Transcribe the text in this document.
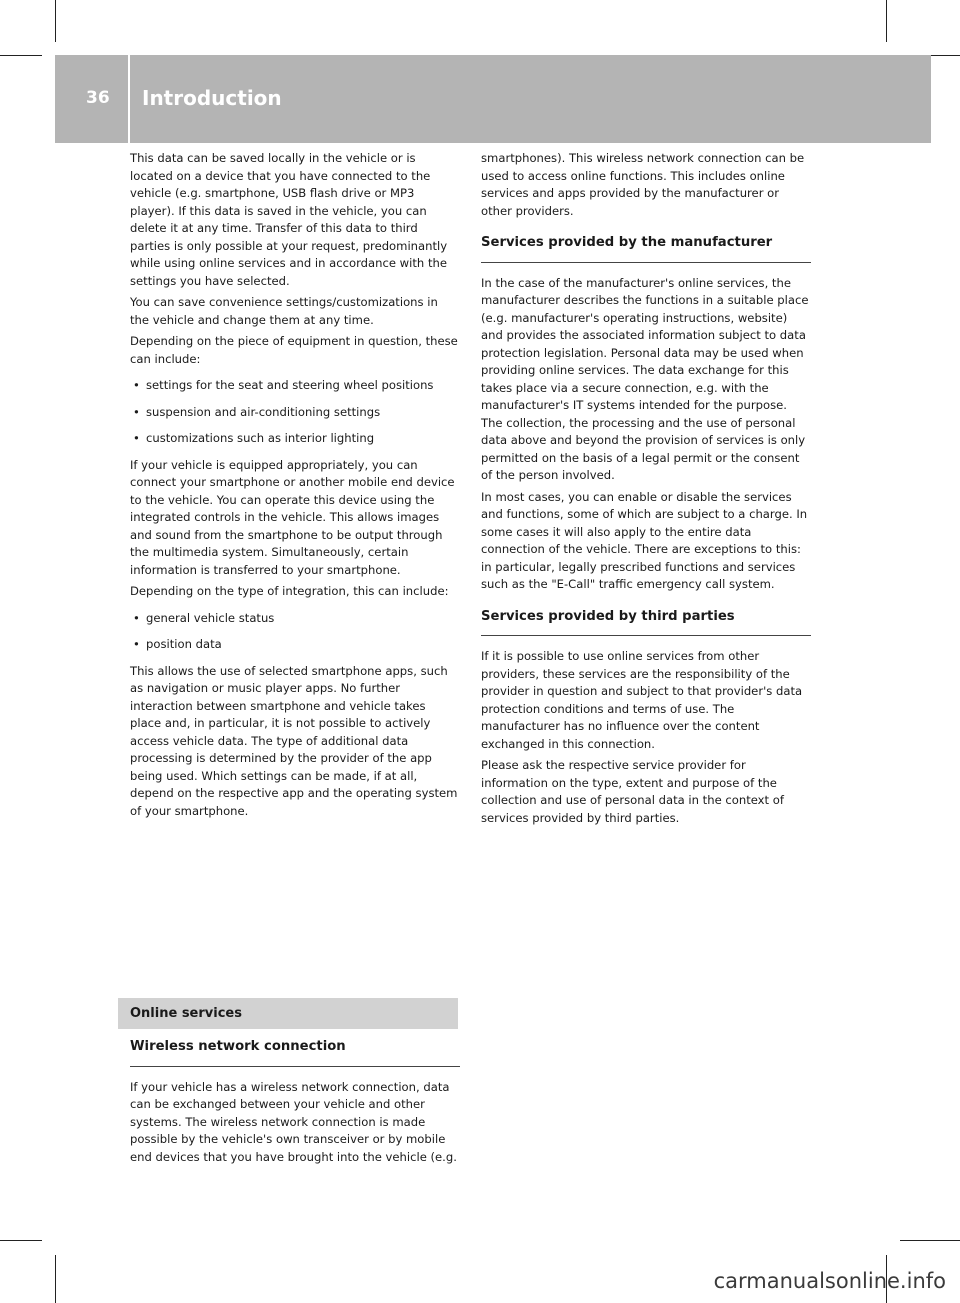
36 Introduction

This data can be saved locally in the vehicle or is located on a device that you have connected to the vehicle (e.g. smartphone, USB flash drive or MP3 player). If this data is saved in the vehicle, you can delete it at any time. Transfer of this data to third parties is only possible at your request, predominantly while using online services and in accordance with the settings you have selected.

You can save convenience settings/customizations in the vehicle and change them at any time.

Depending on the piece of equipment in question, these can include:

• settings for the seat and steering wheel positions
• suspension and air-conditioning settings
• customizations such as interior lighting

If your vehicle is equipped appropriately, you can connect your smartphone or another mobile end device to the vehicle. You can operate this device using the integrated controls in the vehicle. This allows images and sound from the smartphone to be output through the multimedia system. Simultaneously, certain information is transferred to your smartphone.

Depending on the type of integration, this can include:

• general vehicle status
• position data

This allows the use of selected smartphone apps, such as navigation or music player apps. No further interaction between smartphone and vehicle takes place and, in particular, it is not possible to actively access vehicle data. The type of additional data processing is determined by the provider of the app being used. Which settings can be made, if at all, depend on the respective app and the operating system of your smartphone.

Online services
Wireless network connection

If your vehicle has a wireless network connection, data can be exchanged between your vehicle and other systems. The wireless network connection is made possible by the vehicle's own transceiver or by mobile end devices that you have brought into the vehicle (e.g.

smartphones). This wireless network connection can be used to access online functions. This includes online services and apps provided by the manufacturer or other providers.

Services provided by the manufacturer

In the case of the manufacturer's online services, the manufacturer describes the functions in a suitable place (e.g. manufacturer's operating instructions, website) and provides the associated information subject to data protection legislation. Personal data may be used when providing online services. The data exchange for this takes place via a secure connection, e.g. with the manufacturer's IT systems intended for the purpose. The collection, the processing and the use of personal data above and beyond the provision of services is only permitted on the basis of a legal permit or the consent of the person involved.

In most cases, you can enable or disable the services and functions, some of which are subject to a charge. In some cases it will also apply to the entire data connection of the vehicle. There are exceptions to this: in particular, legally prescribed functions and services such as the "E-Call" traffic emergency call system.

Services provided by third parties

If it is possible to use online services from other providers, these services are the responsibility of the provider in question and subject to that provider's data protection conditions and terms of use. The manufacturer has no influence over the content exchanged in this connection.

Please ask the respective service provider for information on the type, extent and purpose of the collection and use of personal data in the context of services provided by third parties.

carmanualsonline.info
